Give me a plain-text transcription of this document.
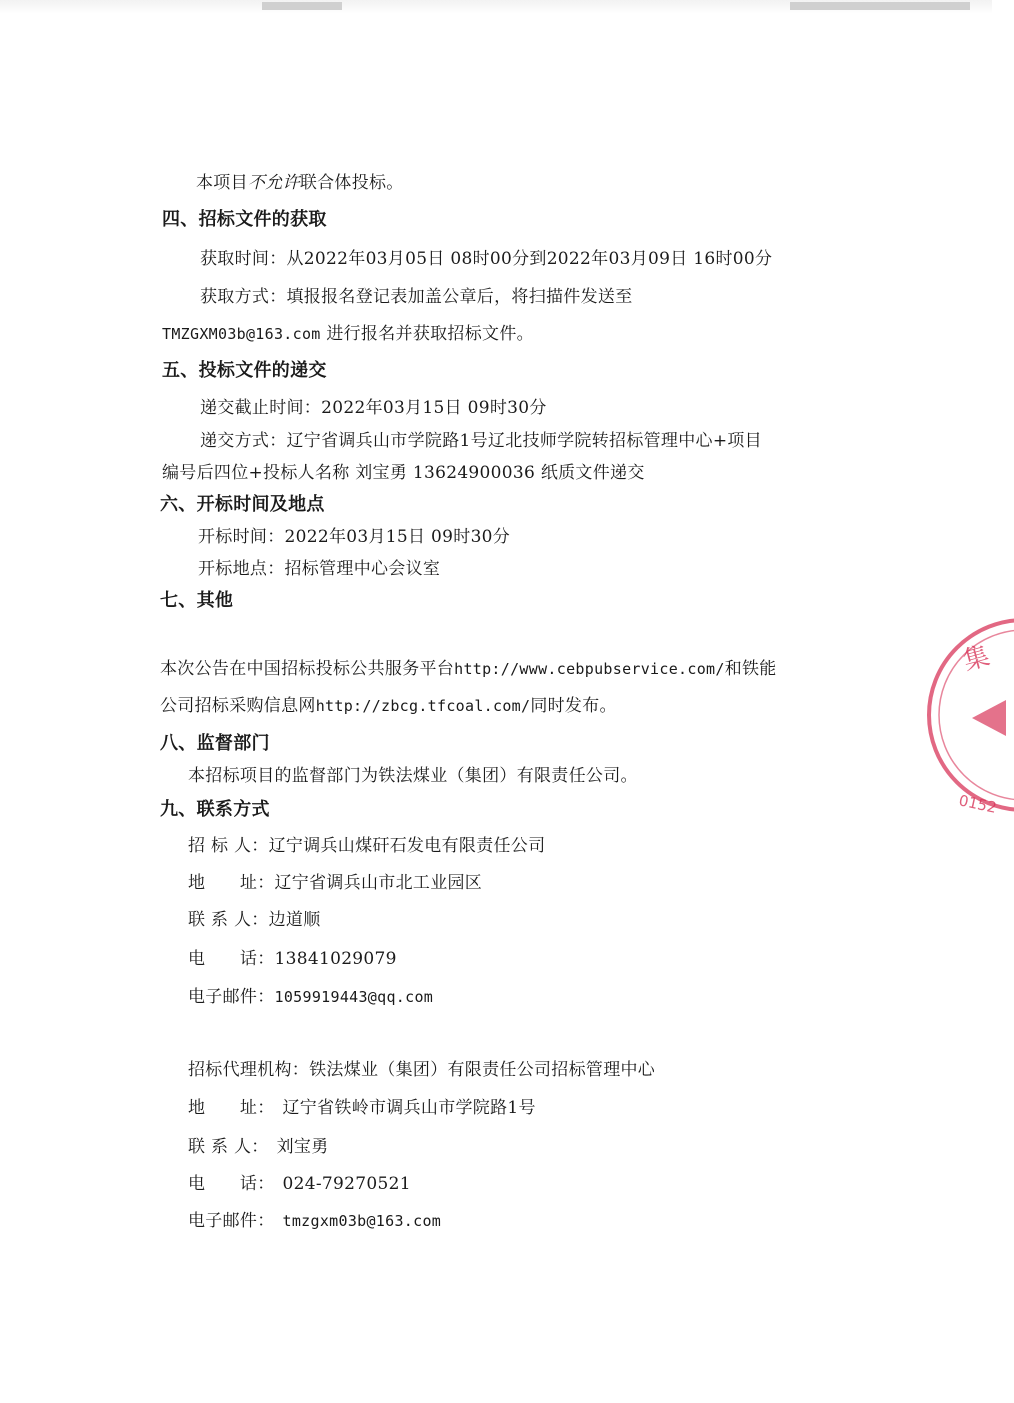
本项目不允许联合体投标。
四、招标文件的获取
获取时间：从2022年03月05日 08时00分到2022年03月09日 16时00分
获取方式：填报报名登记表加盖公章后，将扫描件发送至
TMZGXM03b@163.com 进行报名并获取招标文件。
五、投标文件的递交
递交截止时间：2022年03月15日 09时30分
递交方式：辽宁省调兵山市学院路1号辽北技师学院转招标管理中心+项目
编号后四位+投标人名称 刘宝勇 13624900036 纸质文件递交
六、开标时间及地点
开标时间：2022年03月15日 09时30分
开标地点：招标管理中心会议室
七、其他
本次公告在中国招标投标公共服务平台http://www.cebpubservice.com/和铁能
公司招标采购信息网http://zbcg.tfcoal.com/同时发布。
八、监督部门
本招标项目的监督部门为铁法煤业（集团）有限责任公司。
九、联系方式
招 标 人：辽宁调兵山煤矸石发电有限责任公司
地　　址：辽宁省调兵山市北工业园区
联 系 人：边道顺
电　　话：13841029079
电子邮件：1059919443@qq.com
招标代理机构：铁法煤业（集团）有限责任公司招标管理中心
地　　址： 辽宁省铁岭市调兵山市学院路1号
联 系 人： 刘宝勇
电　　话： 024-79270521
电子邮件： tmzgxm03b@163.com
集
0152
